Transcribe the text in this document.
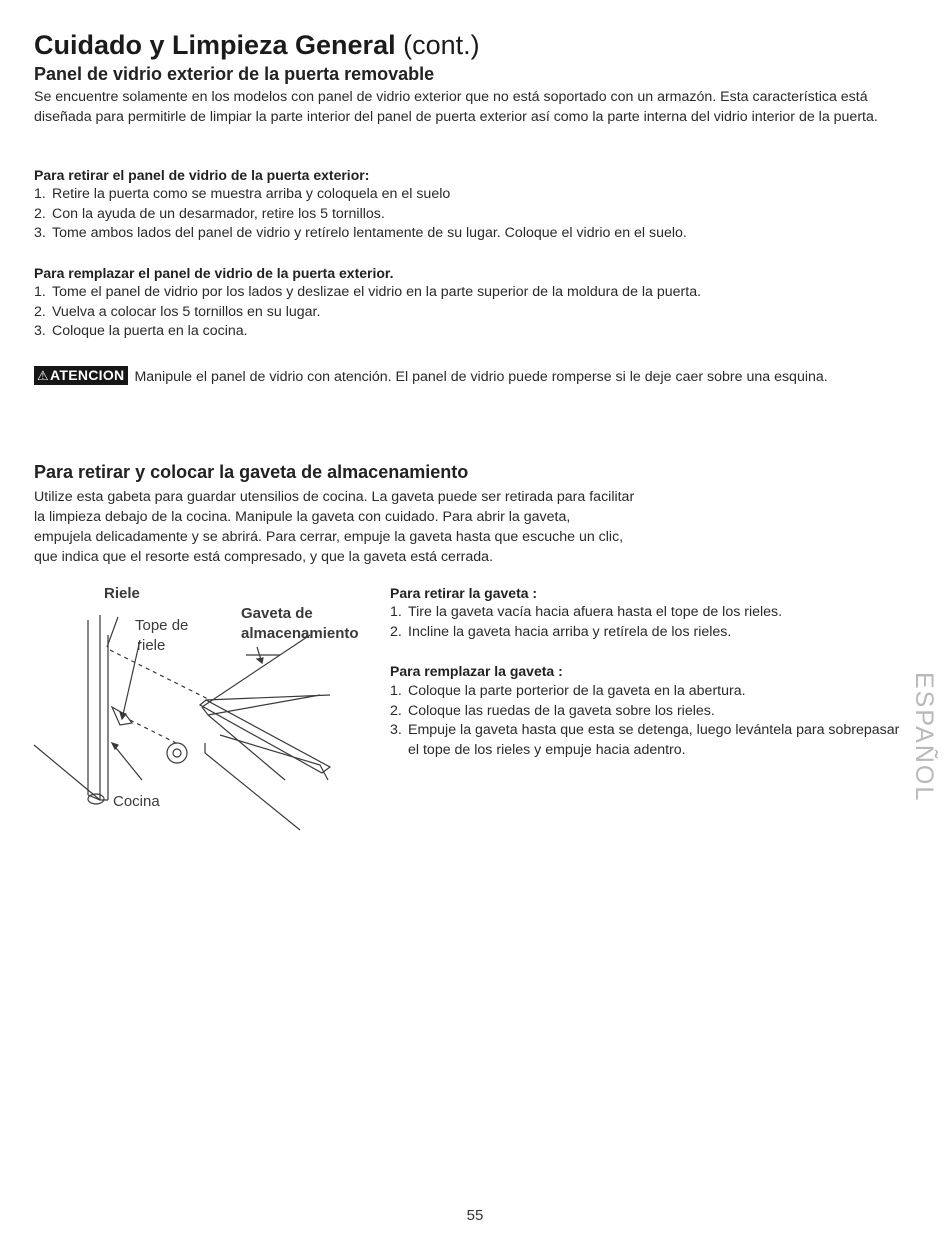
Cuidado y Limpieza General (cont.)
Panel de vidrio exterior de la puerta removable
Se encuentre solamente en los modelos con panel de vidrio exterior que no está soportado con un armazón. Esta característica está diseñada para permitirle de limpiar la parte interior del panel de puerta exterior así como la parte interna del vidrio interior de la puerta.
Para retirar el panel de vidrio de la puerta exterior:
1. Retire la puerta como se muestra arriba y coloquela en el suelo
2. Con la ayuda de un desarmador, retire los 5 tornillos.
3. Tome ambos lados del panel de vidrio y retírelo lentamente de su lugar. Coloque el vidrio en el suelo.
Para remplazar el panel de vidrio de la puerta exterior.
1. Tome el panel de vidrio por los lados y deslizae el vidrio en la parte superior de la moldura de la puerta.
2. Vuelva a colocar los 5 tornillos en su lugar.
3. Coloque la puerta en la cocina.
⚠ATENCION Manipule el panel de vidrio con atención. El panel de vidrio puede romperse si le deje caer sobre una esquina.
Para retirar y colocar la gaveta de almacenamiento
Utilize esta gabeta para guardar utensilios de cocina. La gaveta puede ser retirada para facilitar
la limpieza debajo de la cocina. Manipule la gaveta con cuidado. Para abrir la gaveta,
empujela delicadamente y se abrirá. Para cerrar, empuje la gaveta hasta que escuche un clic,
que indica que el resorte está compresado, y que la gaveta está cerrada.
Riele
Tope de
riele
Gaveta de
almacenamiento
Cocina
Para retirar la gaveta :
1. Tire la gaveta vacía hacia afuera hasta el tope de los rieles.
2. Incline la gaveta hacia arriba y retírela de los rieles.
Para remplazar la gaveta :
1. Coloque la parte porterior de la gaveta en la abertura.
2. Coloque las ruedas de la gaveta sobre los rieles.
3. Empuje la gaveta hasta que esta se detenga, luego levántela para sobrepasar el tope de los rieles y empuje hacia adentro.	ESPAÑOL
55
